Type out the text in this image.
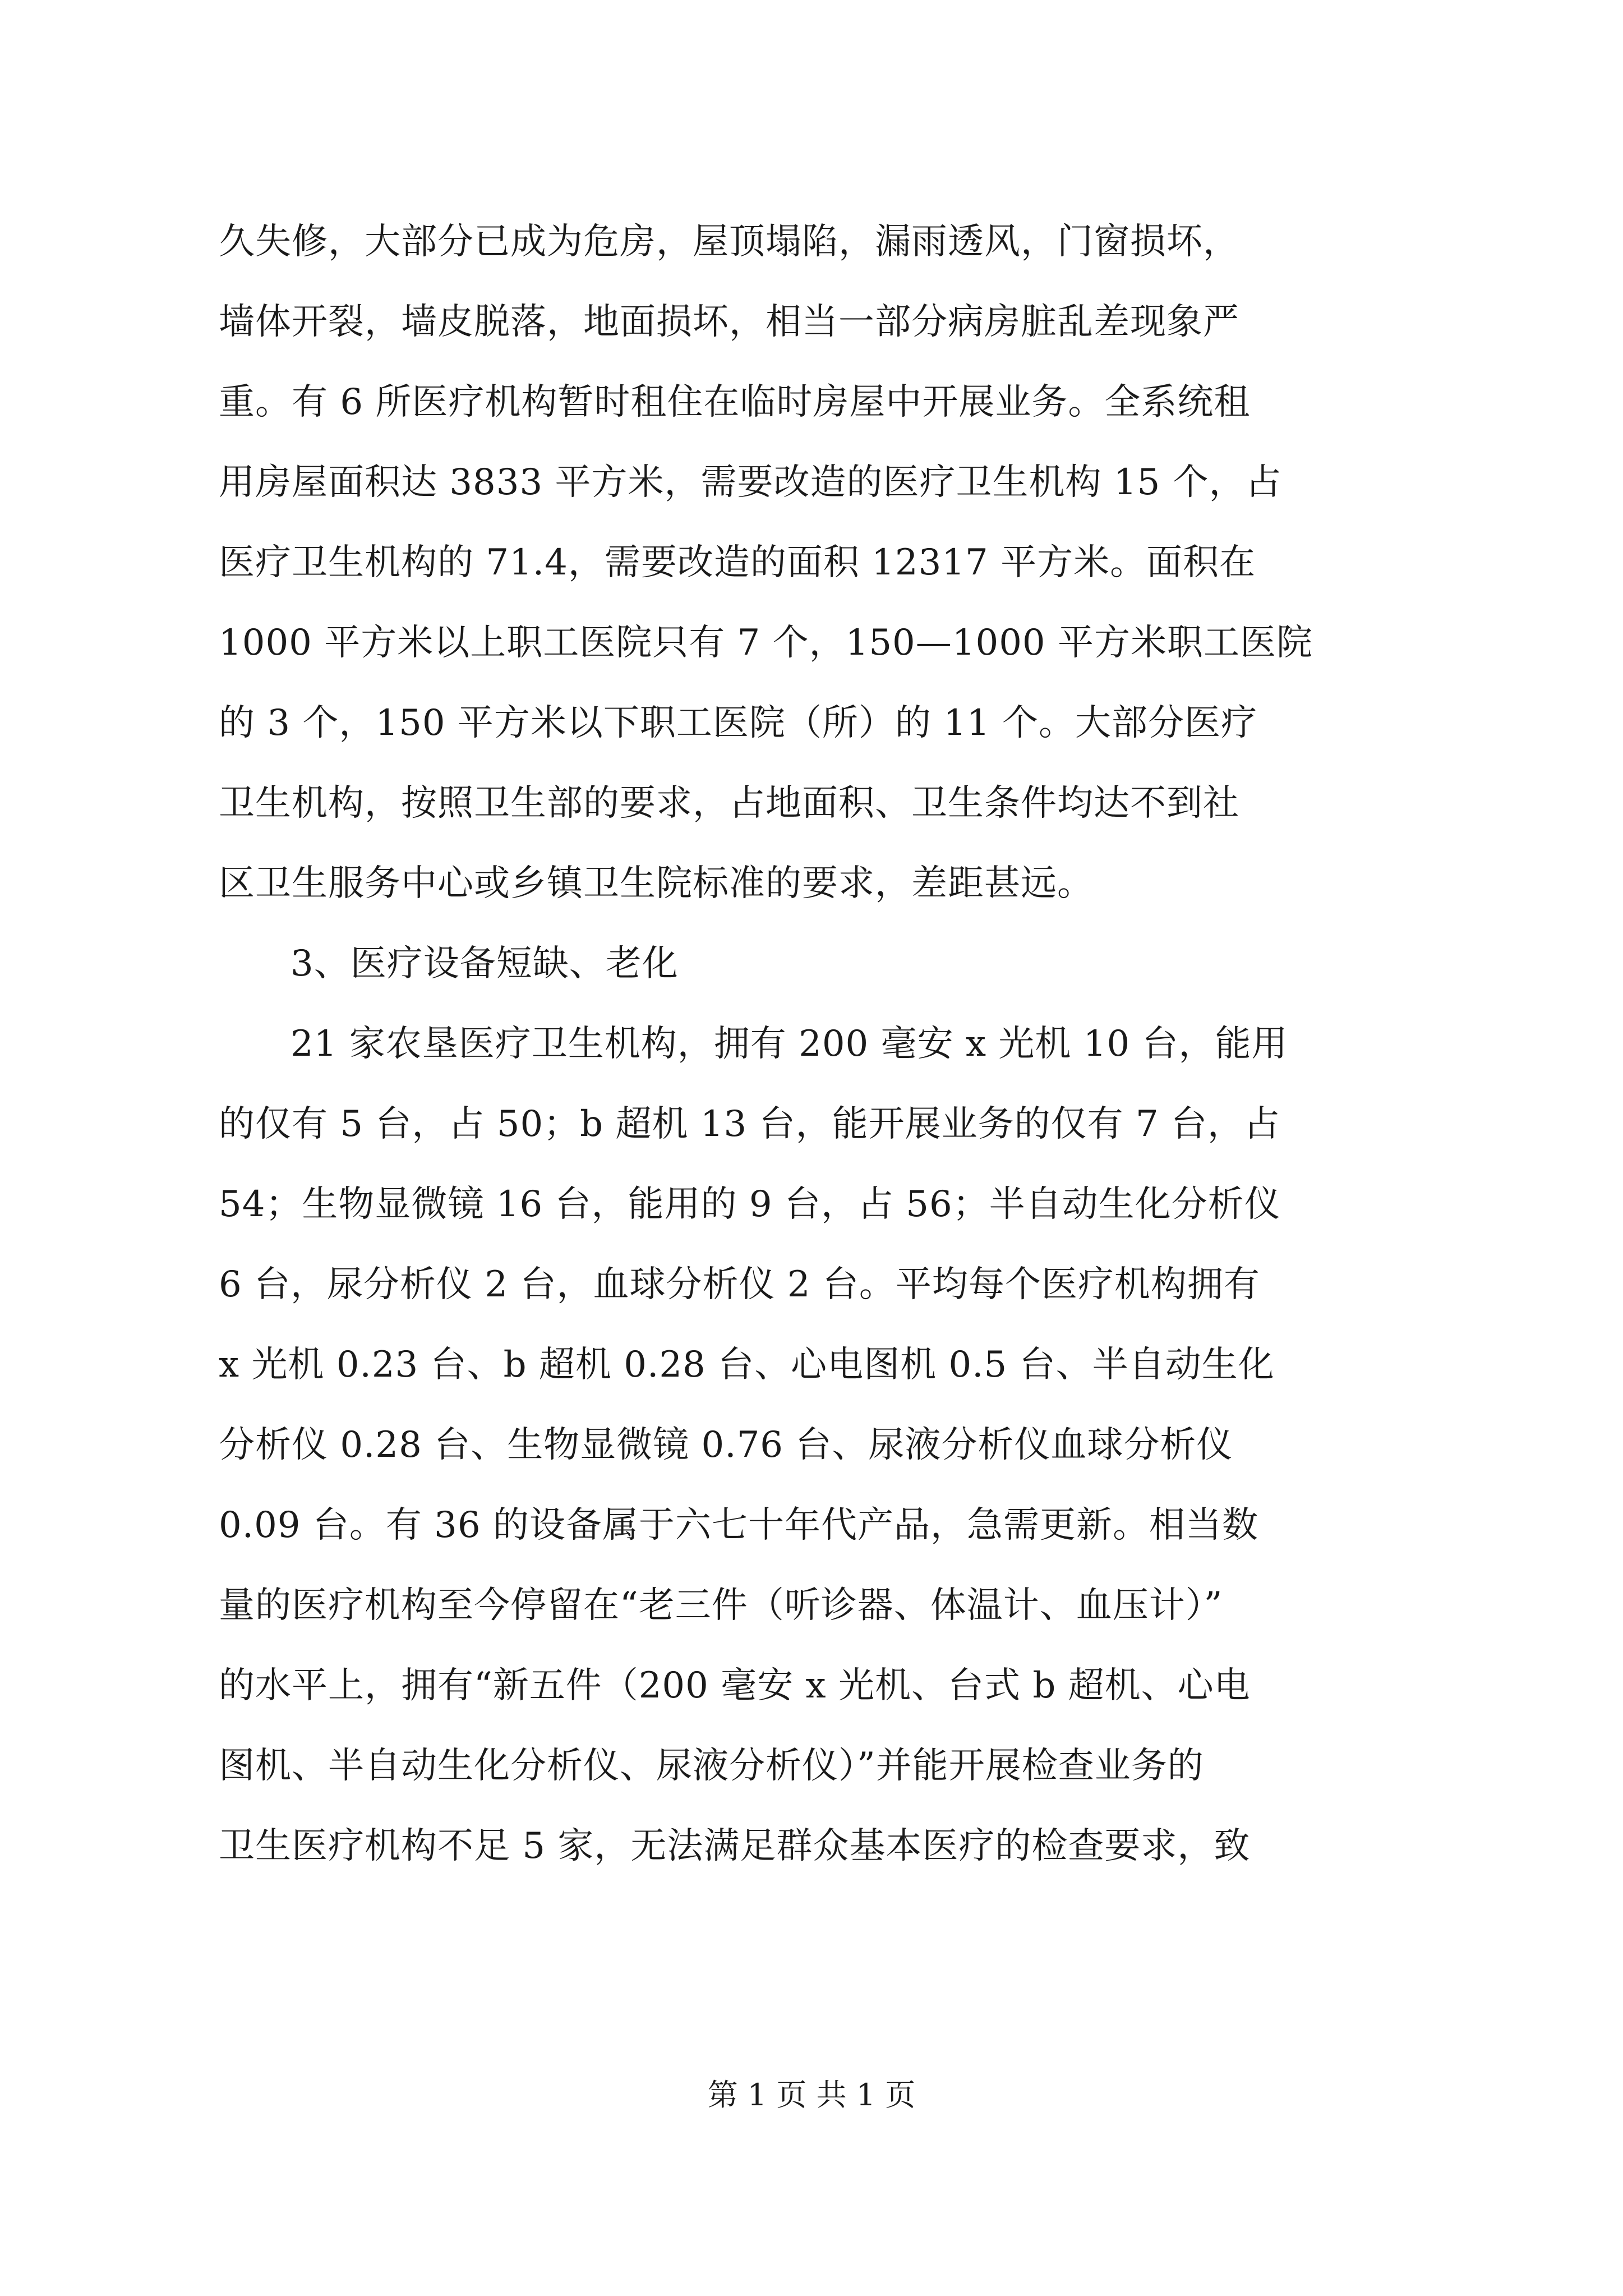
久失修，大部分已成为危房，屋顶塌陷，漏雨透风，门窗损坏，
墙体开裂，墙皮脱落，地面损坏，相当一部分病房脏乱差现象严
重。有 6 所医疗机构暂时租住在临时房屋中开展业务。全系统租
用房屋面积达 3833 平方米，需要改造的医疗卫生机构 15 个，占
医疗卫生机构的 71.4，需要改造的面积 12317 平方米。面积在
1000 平方米以上职工医院只有 7 个，150—1000 平方米职工医院
的 3 个，150 平方米以下职工医院（所）的 11 个。大部分医疗
卫生机构，按照卫生部的要求，占地面积、卫生条件均达不到社
区卫生服务中心或乡镇卫生院标准的要求，差距甚远。
3、医疗设备短缺、老化
21 家农垦医疗卫生机构，拥有 200 毫安 x 光机 10 台，能用
的仅有 5 台，占 50；b 超机 13 台，能开展业务的仅有 7 台，占
54；生物显微镜 16 台，能用的 9 台，占 56；半自动生化分析仪
6 台，尿分析仪 2 台，血球分析仪 2 台。平均每个医疗机构拥有
x 光机 0.23 台、b 超机 0.28 台、心电图机 0.5 台、半自动生化
分析仪 0.28 台、生物显微镜 0.76 台、尿液分析仪血球分析仪
0.09 台。有 36 的设备属于六七十年代产品，急需更新。相当数
量的医疗机构至今停留在“老三件（听诊器、体温计、血压计）”
的水平上，拥有“新五件（200 毫安 x 光机、台式 b 超机、心电
图机、半自动生化分析仪、尿液分析仪）”并能开展检查业务的
卫生医疗机构不足 5 家，无法满足群众基本医疗的检查要求，致
第 1 页 共 1 页
